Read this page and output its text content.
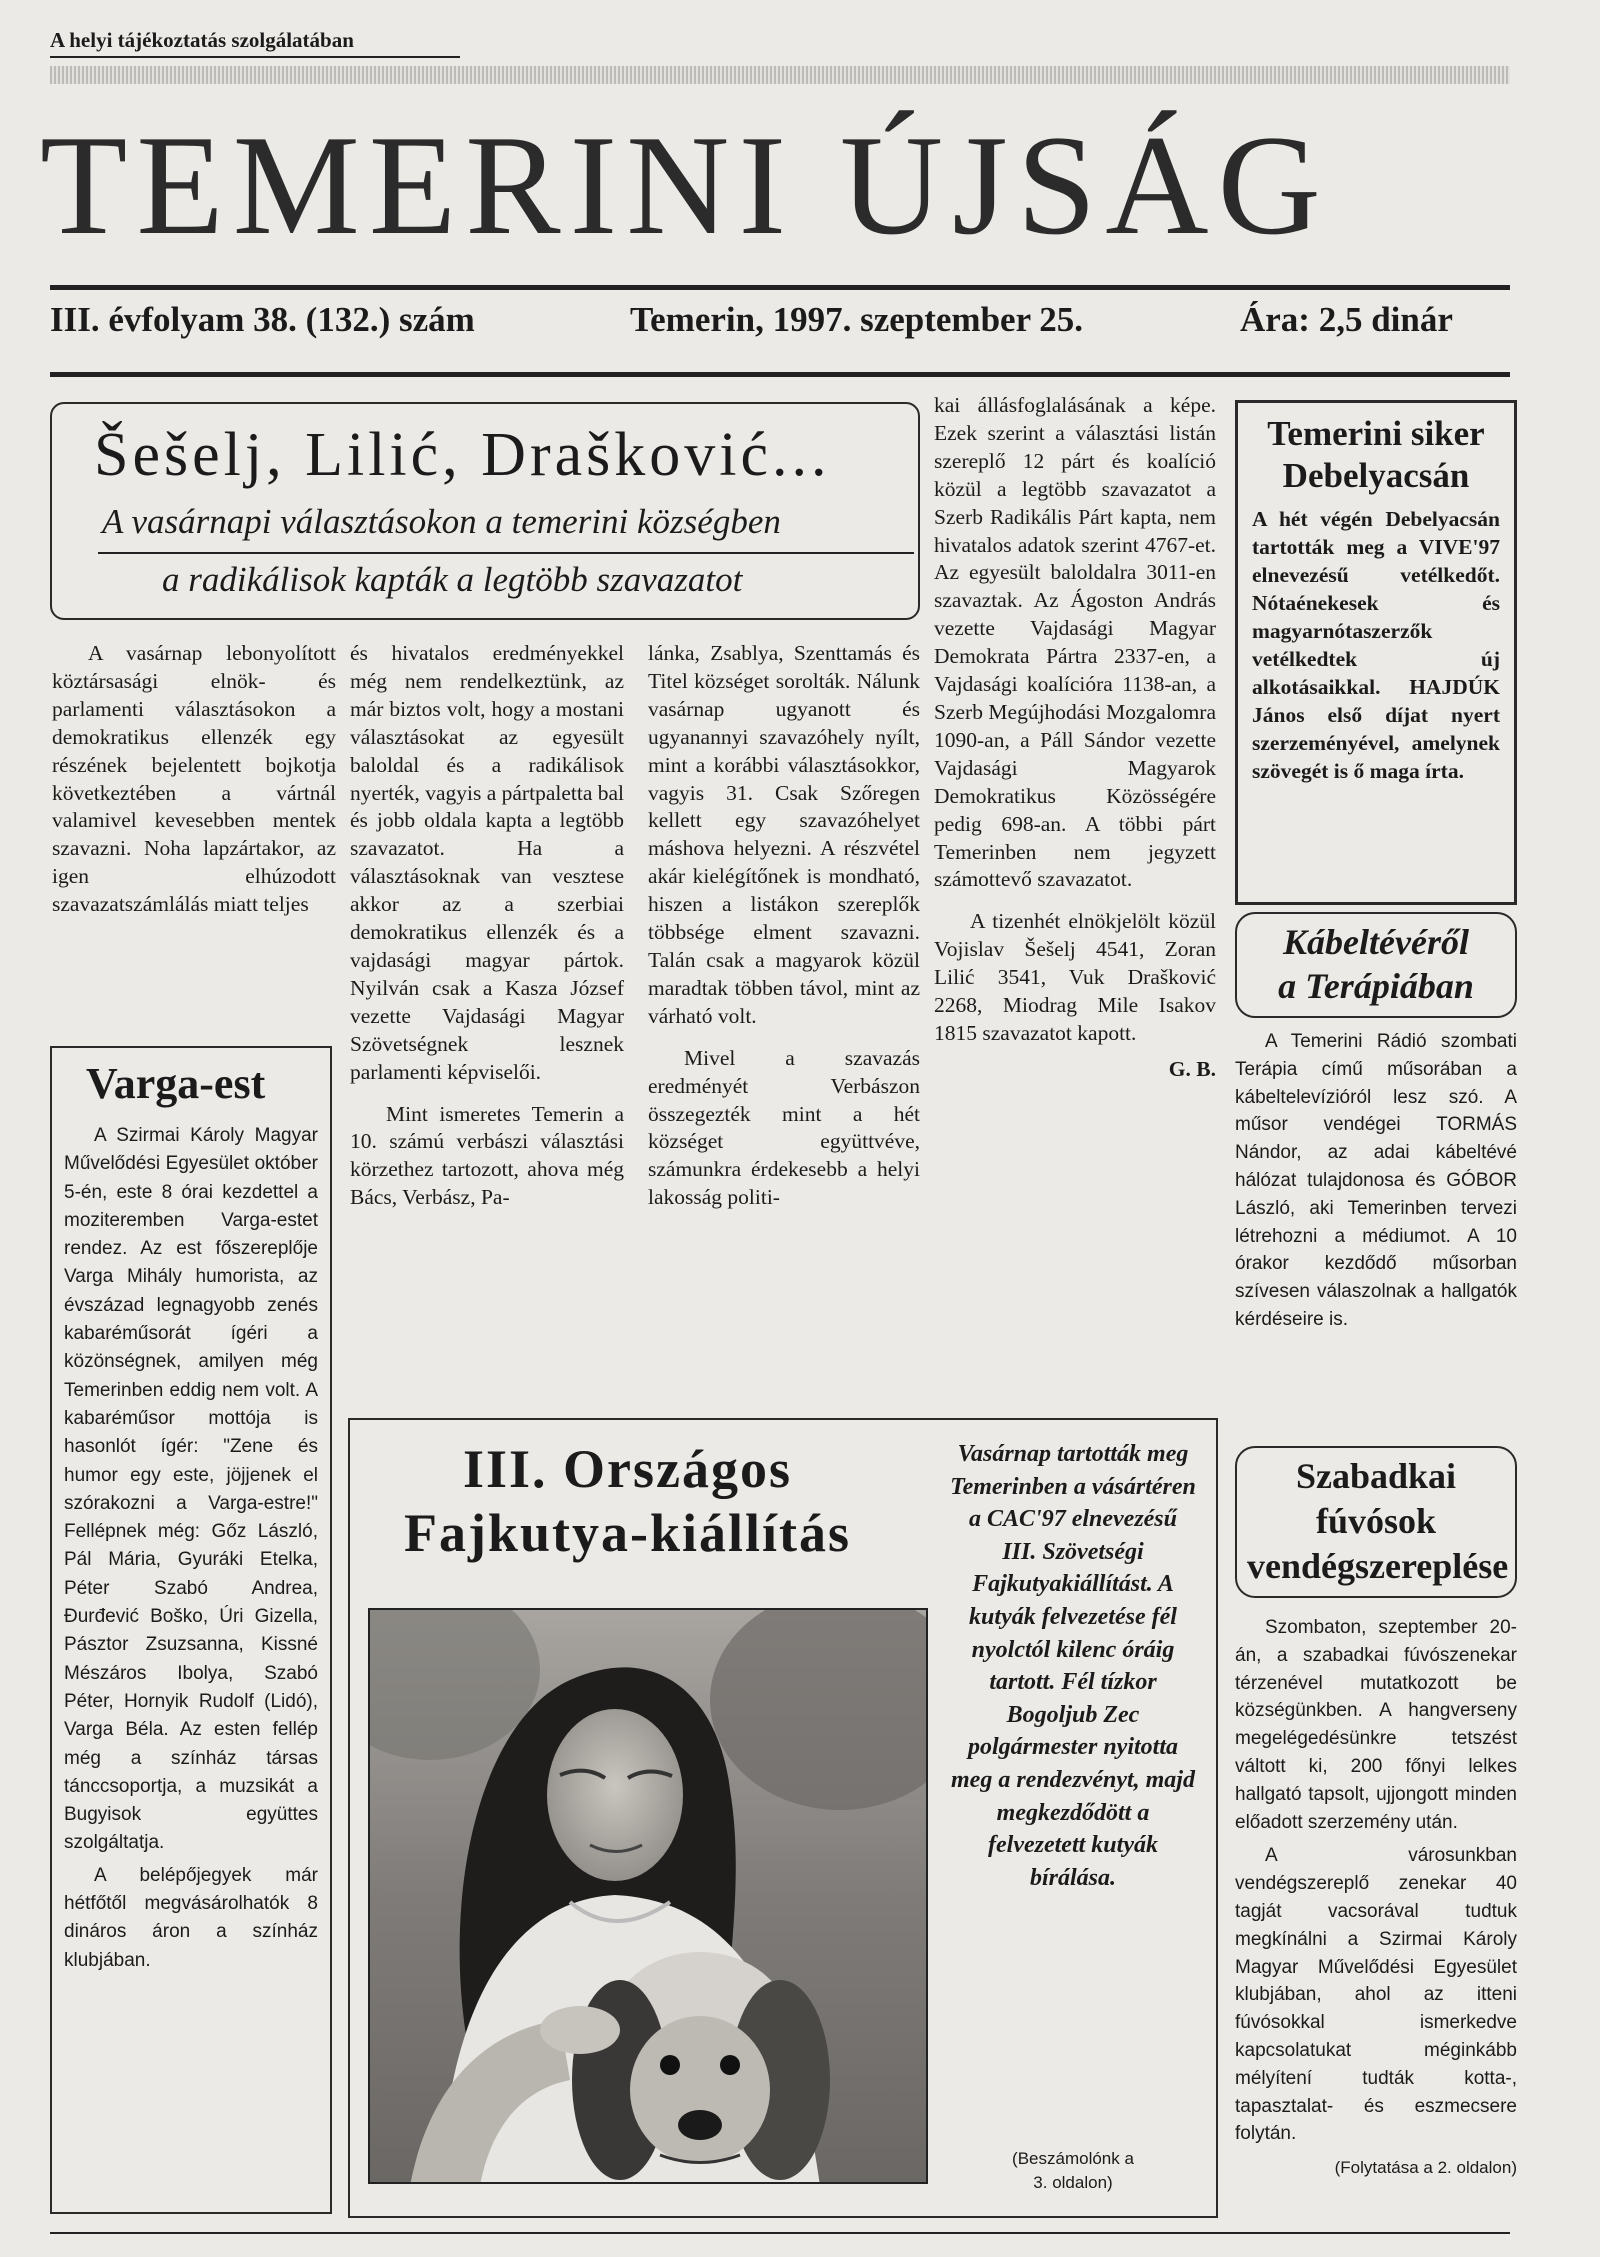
A helyi tájékoztatás szolgálatában
TEMERINI ÚJSÁG
III. évfolyam 38. (132.) szám	Temerin, 1997. szeptember 25.	Ára: 2,5 dinár
Šešelj, Lilić, Drašković...
A vasárnapi választásokon a temerini községben
a radikálisok kapták a legtöbb szavazatot

A vasárnap lebonyolított köztársasági elnök- és parlamenti választásokon a demokratikus ellenzék egy részének bejelentett bojkotja következtében a vártnál valamivel kevesebben mentek szavazni. Noha lapzártakor, az igen elhúzodott szavazatszámlálás miatt teljes

és hivatalos eredményekkel még nem rendelkeztünk, az már biztos volt, hogy a mostani választásokat az egyesült baloldal és a radikálisok nyerték, vagyis a pártpaletta bal és jobb oldala kapta a legtöbb szavazatot. Ha a választásoknak van vesztese akkor az a szerbiai demokratikus ellenzék és a vajdasági magyar pártok. Nyilván csak a Kasza József vezette Vajdasági Magyar Szövetségnek lesznek parlamenti képviselői.

Mint ismeretes Temerin a 10. számú verbászi választási körzethez tartozott, ahova még Bács, Verbász, Pa-

lánka, Zsablya, Szenttamás és Titel községet sorolták. Nálunk vasárnap ugyanott és ugyanannyi szavazóhely nyílt, mint a korábbi választásokkor, vagyis 31. Csak Szőregen kellett egy szavazóhelyet máshova helyezni. A részvétel akár kielégítőnek is mondható, hiszen a listákon szereplők többsége elment szavazni. Talán csak a magyarok közül maradtak többen távol, mint az várható volt.

Mivel a szavazás eredményét Verbászon összegezték mint a hét községet együttvéve, számunkra érdekesebb a helyi lakosság politi-

kai állásfoglalásának a képe. Ezek szerint a választási listán szereplő 12 párt és koalíció közül a legtöbb szavazatot a Szerb Radikális Párt kapta, nem hivatalos adatok szerint 4767-et. Az egyesült baloldalra 3011-en szavaztak. Az Ágoston András vezette Vajdasági Magyar Demokrata Pártra 2337-en, a Vajdasági koalícióra 1138-an, a Szerb Megújhodási Mozgalomra 1090-an, a Páll Sándor vezette Vajdasági Magyarok Demokratikus Közösségére pedig 698-an. A többi párt Temerinben nem jegyzett számottevő szavazatot.

A tizenhét elnökjelölt közül Vojislav Šešelj 4541, Zoran Lilić 3541, Vuk Drašković 2268, Miodrag Mile Isakov 1815 szavazatot kapott.

G. B.
Temerini siker Debelyacsán
A hét végén Debelyacsán tartották meg a VIVE'97 elnevezésű vetélkedőt. Nótaénekesek és magyarnótaszerzők vetélkedtek új alkotásaikkal. HAJDÚK János első díjat nyert szerzeményével, amelynek szövegét is ő maga írta.
Kábeltévéről
a Terápiában
A Temerini Rádió szombati Terápia című műsorában a kábeltelevízióról lesz szó. A műsor vendégei TORMÁS Nándor, az adai kábeltévé hálózat tulajdonosa és GÓBOR László, aki Temerinben tervezi létrehozni a médiumot. A 10 órakor kezdődő műsorban szívesen válaszolnak a hallgatók kérdéseire is.
Varga-est
A Szirmai Károly Magyar Művelődési Egyesület október 5-én, este 8 órai kezdettel a moziteremben Varga-estet rendez. Az est főszereplője Varga Mihály humorista, az évszázad legnagyobb zenés kabaréműsorát ígéri a közönségnek, amilyen még Temerinben eddig nem volt. A kabaréműsor mottója is hasonlót ígér: "Zene és humor egy este, jöjjenek el szórakozni a Varga-estre!" Fellépnek még: Gőz László, Pál Mária, Gyuráki Etelka, Péter Szabó Andrea, Đurđević Boško, Úri Gizella, Pásztor Zsuzsanna, Kissné Mészáros Ibolya, Szabó Péter, Hornyik Rudolf (Lidó), Varga Béla. Az esten fellép még a színház társas tánccsoportja, a muzsikát a Bugyisok együttes szolgáltatja.
A belépőjegyek már hétfőtől megvásárolhatók 8 dináros áron a színház klubjában.
III. Országos
Fajkutya-kiállítás
Vasárnap tartották meg Temerinben a vásártéren a CAC'97 elnevezésű III. Szövetségi Fajkutyakiállítást. A kutyák felvezetése fél nyolctól kilenc óráig tartott. Fél tízkor Bogoljub Zec polgármester nyitotta meg a rendezvényt, majd megkezdődött a felvezetett kutyák bírálása.
(Beszámolónk a
3. oldalon)
Szabadkai fúvósok vendégszereplése
Szombaton, szeptember 20-án, a szabadkai fúvószenekar térzenével mutatkozott be községünkben. A hangverseny megelégedésünkre tetszést váltott ki, 200 főnyi lelkes hallgató tapsolt, ujjongott minden előadott szerzemény után.
A városunkban vendégszereplő zenekar 40 tagját vacsorával tudtuk megkínálni a Szirmai Károly Magyar Művelődési Egyesület klubjában, ahol az itteni fúvósokkal ismerkedve kapcsolatukat méginkább mélyítení tudták kotta-, tapasztalat- és eszmecsere folytán.
(Folytatása a 2. oldalon)
